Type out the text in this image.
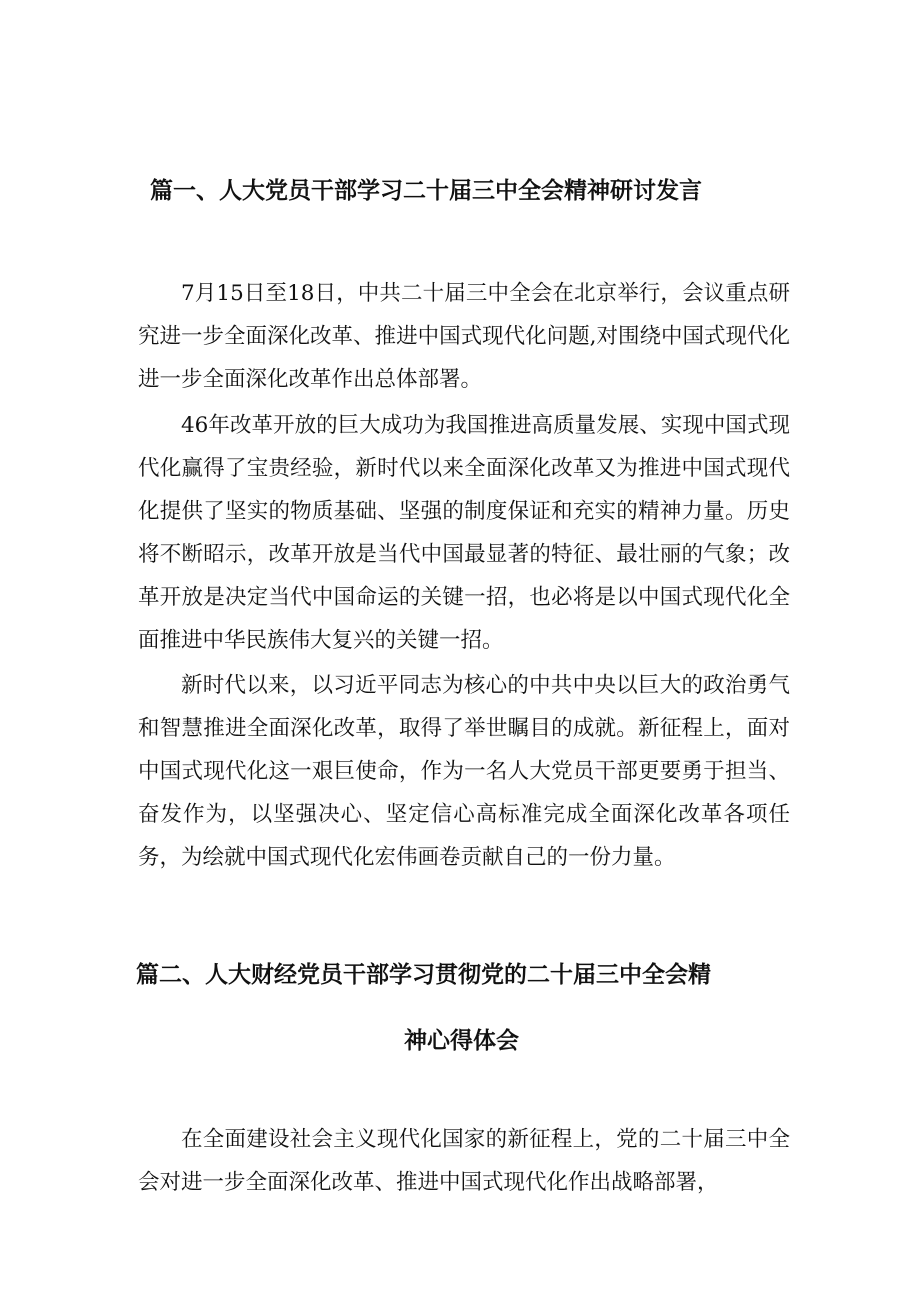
篇一、人大党员干部学习二十届三中全会精神研讨发言

7月15日至18日，中共二十届三中全会在北京举行，会议重点研究进一步全面深化改革、推进中国式现代化问题,对围绕中国式现代化进一步全面深化改革作出总体部署。

46年改革开放的巨大成功为我国推进高质量发展、实现中国式现代化赢得了宝贵经验，新时代以来全面深化改革又为推进中国式现代化提供了坚实的物质基础、坚强的制度保证和充实的精神力量。历史将不断昭示，改革开放是当代中国最显著的特征、最壮丽的气象；改革开放是决定当代中国命运的关键一招，也必将是以中国式现代化全面推进中华民族伟大复兴的关键一招。

新时代以来，以习近平同志为核心的中共中央以巨大的政治勇气和智慧推进全面深化改革，取得了举世瞩目的成就。新征程上，面对中国式现代化这一艰巨使命，作为一名人大党员干部更要勇于担当、奋发作为，以坚强决心、坚定信心高标准完成全面深化改革各项任务，为绘就中国式现代化宏伟画卷贡献自己的一份力量。

篇二、人大财经党员干部学习贯彻党的二十届三中全会精
神心得体会

在全面建设社会主义现代化国家的新征程上，党的二十届三中全会对进一步全面深化改革、推进中国式现代化作出战略部署，
